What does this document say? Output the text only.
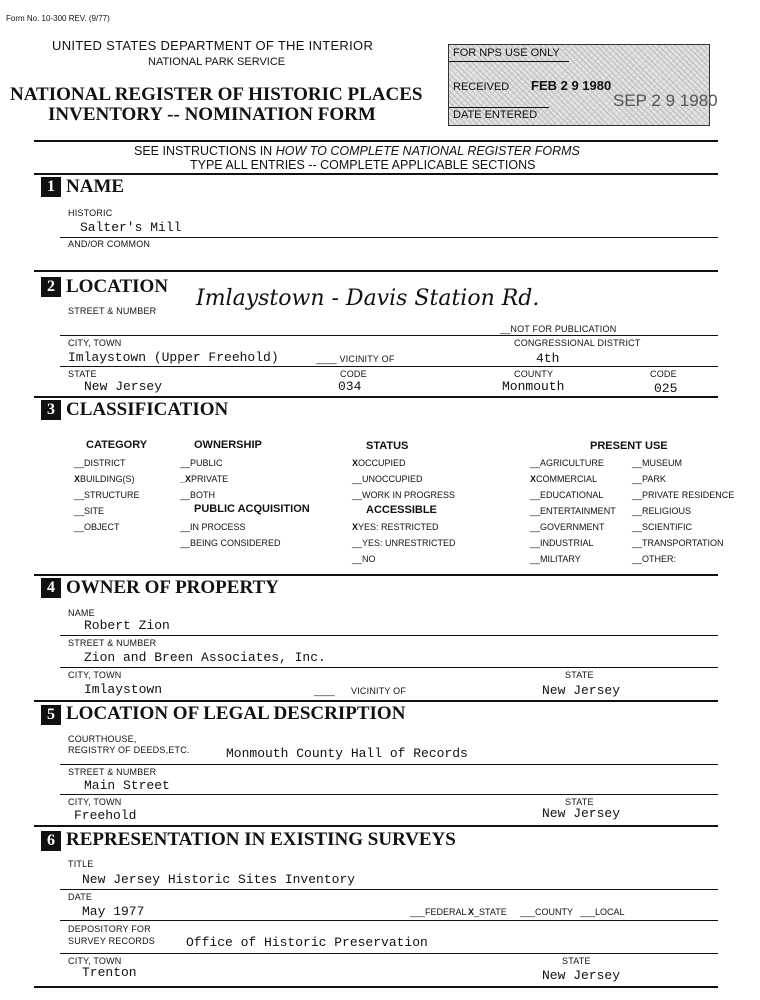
Form No. 10-300 REV. (9/77)
UNITED STATES DEPARTMENT OF THE INTERIOR
NATIONAL PARK SERVICE
NATIONAL REGISTER OF HISTORIC PLACES
INVENTORY -- NOMINATION FORM
FOR NPS USE ONLY
RECEIVED FEB 2 9 1980
SEP 2 9 1980
DATE ENTERED
SEE INSTRUCTIONS IN HOW TO COMPLETE NATIONAL REGISTER FORMS
TYPE ALL ENTRIES -- COMPLETE APPLICABLE SECTIONS
1 NAME
HISTORIC
Salter's Mill
AND/OR COMMON
2 LOCATION
STREET & NUMBER Imlaystown - Davis Station Rd.
__NOT FOR PUBLICATION
CITY, TOWN
Imlaystown (Upper Freehold)	____ VICINITY OF
CONGRESSIONAL DISTRICT
4th
STATE
New Jersey
CODE
034
COUNTY
Monmouth
CODE
025
3 CLASSIFICATION
CATEGORY
__DISTRICT
XBUILDING(S)
__STRUCTURE
__SITE
__OBJECT
OWNERSHIP
__PUBLIC
_XPRIVATE
__BOTH
PUBLIC ACQUISITION
__IN PROCESS
__BEING CONSIDERED
STATUS
XOCCUPIED
__UNOCCUPIED
__WORK IN PROGRESS
ACCESSIBLE
XYES: RESTRICTED
__YES: UNRESTRICTED
__NO
PRESENT USE
__AGRICULTURE
XCOMMERCIAL
__EDUCATIONAL
__ENTERTAINMENT
__GOVERNMENT
__INDUSTRIAL
__MILITARY
__MUSEUM
__PARK
__PRIVATE RESIDENCE
__RELIGIOUS
__SCIENTIFIC
__TRANSPORTATION
__OTHER:
4 OWNER OF PROPERTY
NAME
Robert Zion
STREET & NUMBER
Zion and Breen Associates, Inc.
CITY, TOWN
Imlaystown	____      VICINITY OF
STATE
New Jersey
5 LOCATION OF LEGAL DESCRIPTION
COURTHOUSE,
REGISTRY OF DEEDS,ETC.	Monmouth County Hall of Records
STREET & NUMBER
Main Street
CITY, TOWN
Freehold
STATE
New Jersey
6 REPRESENTATION IN EXISTING SURVEYS
TITLE
New Jersey Historic Sites Inventory
DATE
May 1977	___FEDERAL X_STATE ___COUNTY ___LOCAL
DEPOSITORY FOR
SURVEY RECORDS Office of Historic Preservation
CITY, TOWN
Trenton
STATE
New Jersey
